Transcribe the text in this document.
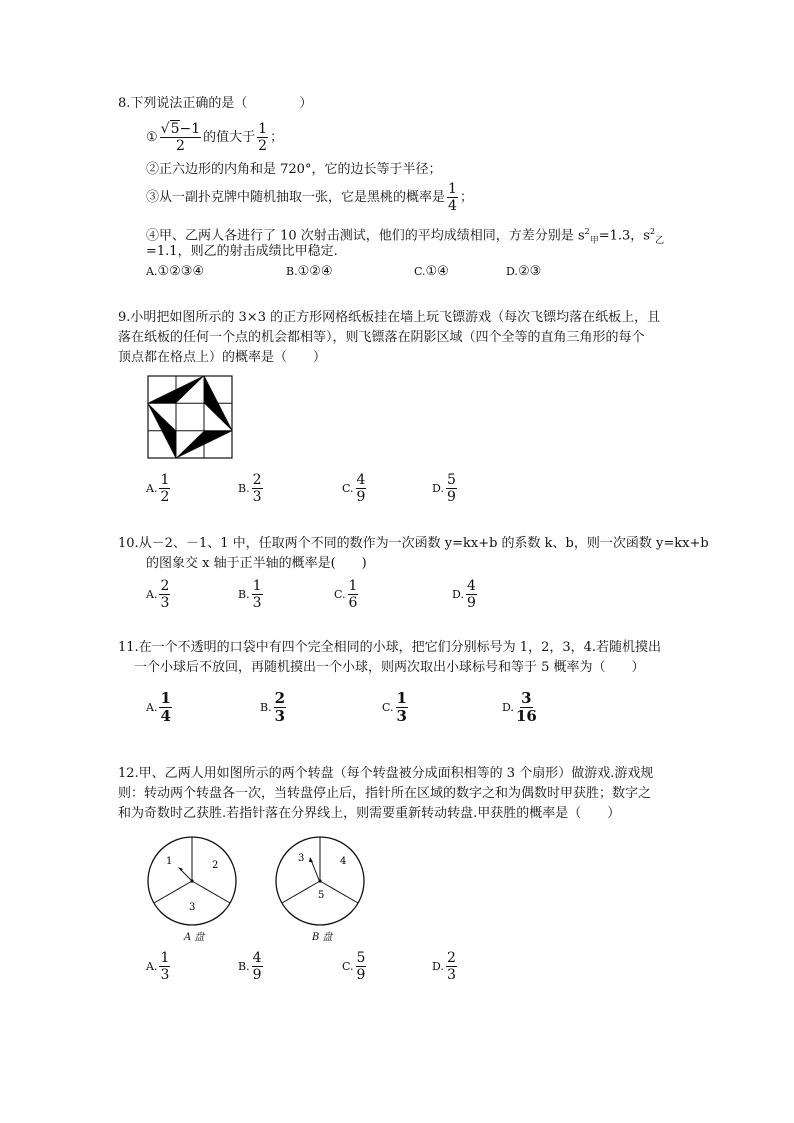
8.下列说法正确的是（　　　　）
① $\frac{√5-1}{2}$ 的值大于 $\frac{1}{2}$ ；
②正六边形的内角和是 720°，它的边长等于半径；
③从一副扑克牌中随机抽取一张，它是黑桃的概率是 $\frac{1}{4}$ ；
④甲、乙两人各进行了 10 次射击测试，他们的平均成绩相同，方差分别是 $s^2_甲=1.3$，$s^2_乙$
=1.1，则乙的射击成绩比甲稳定.
A.①②③④	B.①②④	C.①④	D.②③
9.小明把如图所示的 3×3 的正方形网格纸板挂在墙上玩飞镖游戏（每次飞镖均落在纸板上，且
落在纸板的任何一个点的机会都相等），则飞镖落在阴影区域（四个全等的直角三角形的每个
顶点都在格点上）的概率是（　　）
A. $\frac{1}{2}$	B. $\frac{2}{3}$	C. $\frac{4}{9}$	D. $\frac{5}{9}$
10.从－2、－1、1 中，任取两个不同的数作为一次函数 y=kx+b 的系数 k、b，则一次函数 y=kx+b
的图象交 x 轴于正半轴的概率是(　　)
A. $\frac{2}{3}$	B. $\frac{1}{3}$	C. $\frac{1}{6}$	D. $\frac{4}{9}$
11.在一个不透明的口袋中有四个完全相同的小球，把它们分别标号为 1，2，3，4.若随机摸出
一个小球后不放回，再随机摸出一个小球，则两次取出小球标号和等于 5 概率为（　　）
A. $\frac{1}{4}$	B. $\frac{2}{3}$	C. $\frac{1}{3}$	D. $\frac{3}{16}$
12.甲、乙两人用如图所示的两个转盘（每个转盘被分成面积相等的 3 个扇形）做游戏.游戏规
则：转动两个转盘各一次，当转盘停止后，指针所在区域的数字之和为偶数时甲获胜；数字之
和为奇数时乙获胜.若指针落在分界线上，则需要重新转动转盘.甲获胜的概率是（　　）
1	2
3
A 盘
3	4
5
B 盘
A. $\frac{1}{3}$	B. $\frac{4}{9}$	C. $\frac{5}{9}$	D. $\frac{2}{3}$
